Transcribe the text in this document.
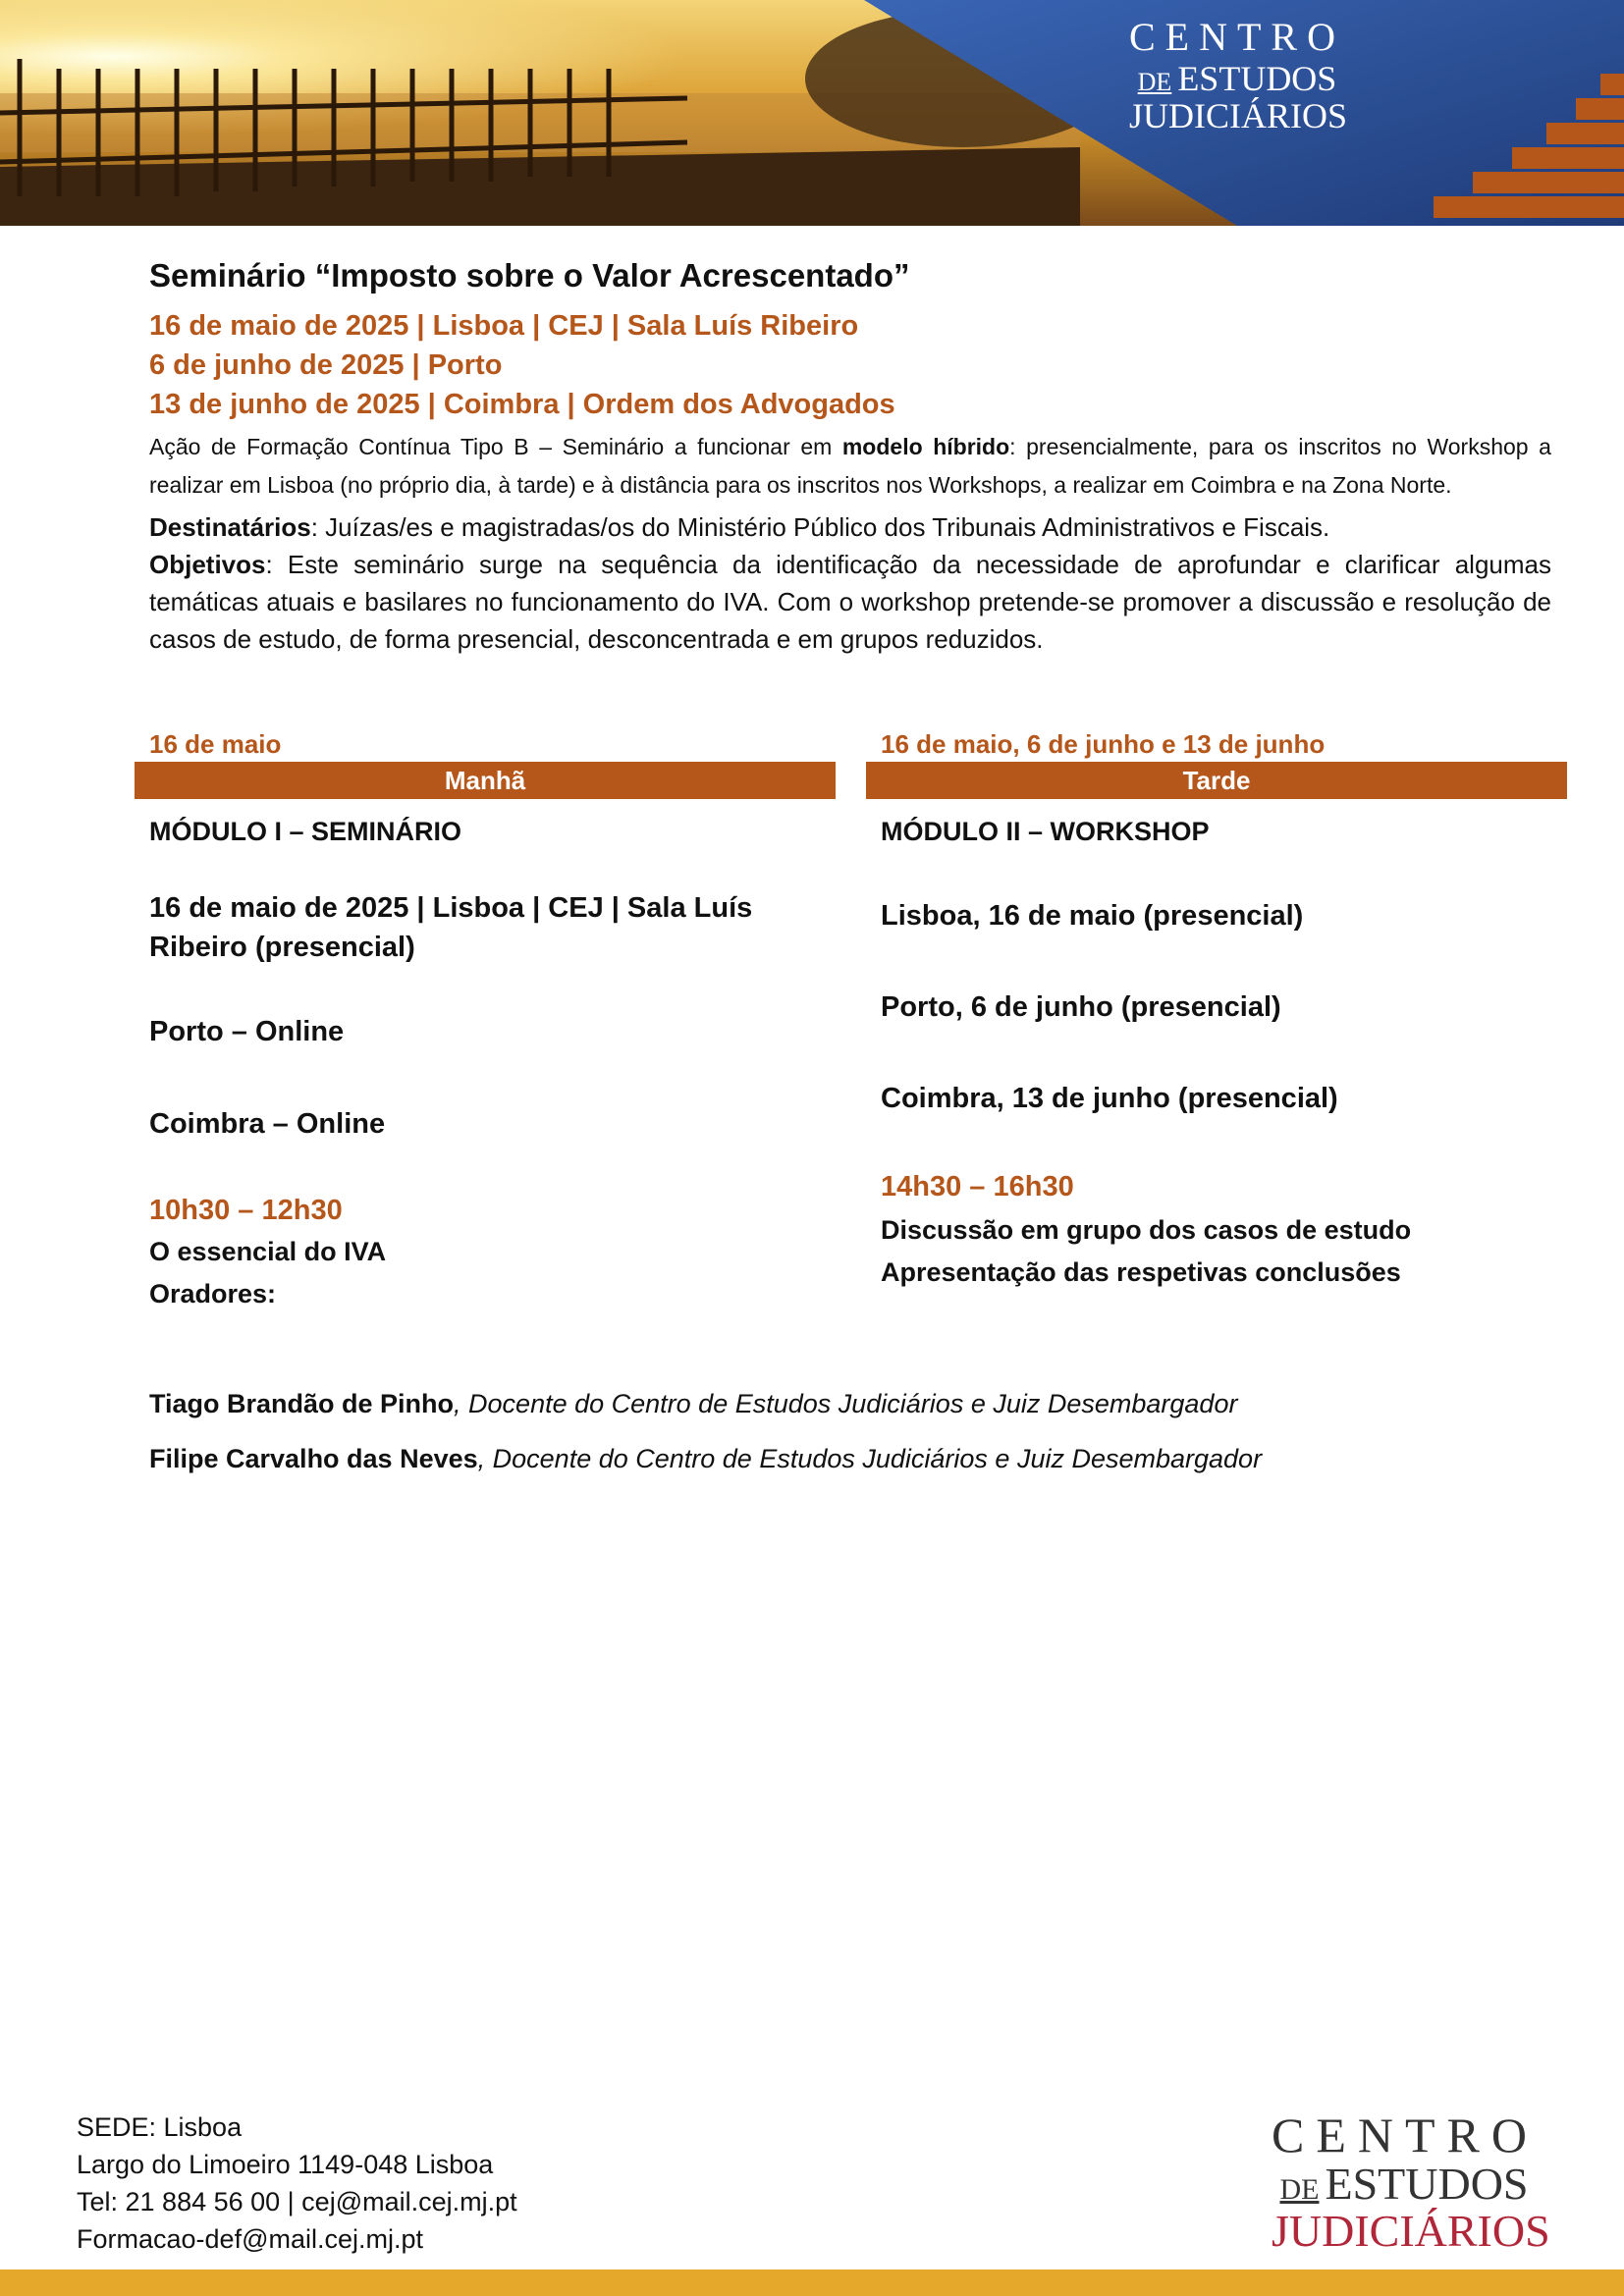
CENTRO
DE ESTUDOS
JUDICIÁRIOS
Seminário “Imposto sobre o Valor Acrescentado”

16 de maio de 2025 | Lisboa | CEJ | Sala Luís Ribeiro

6 de junho de 2025 | Porto

13 de junho de 2025 | Coimbra | Ordem dos Advogados

Ação de Formação Contínua Tipo B – Seminário a funcionar em modelo híbrido: presencialmente, para os inscritos no Workshop a realizar em Lisboa (no próprio dia, à tarde) e à distância para os inscritos nos Workshops, a realizar em Coimbra e na Zona Norte.

Destinatários: Juízas/es e magistradas/os do Ministério Público dos Tribunais Administrativos e Fiscais.

Objetivos: Este seminário surge na sequência da identificação da necessidade de aprofundar e clarificar algumas temáticas atuais e basilares no funcionamento do IVA. Com o workshop pretende-se promover a discussão e resolução de casos de estudo, de forma presencial, desconcentrada e em grupos reduzidos.

16 de maio
Manhã
MÓDULO I – SEMINÁRIO
16 de maio de 2025 | Lisboa | CEJ | Sala Luís Ribeiro (presencial)
Porto – Online
Coimbra – Online
10h30 – 12h30
O essencial do IVA
Oradores:
16 de maio, 6 de junho e 13 de junho
Tarde
MÓDULO II – WORKSHOP
Lisboa, 16 de maio (presencial)
Porto, 6 de junho (presencial)
Coimbra, 13 de junho (presencial)
14h30 – 16h30
Discussão em grupo dos casos de estudo
Apresentação das respetivas conclusões

Tiago Brandão de Pinho, Docente do Centro de Estudos Judiciários e Juiz Desembargador

Filipe Carvalho das Neves, Docente do Centro de Estudos Judiciários e Juiz Desembargador

SEDE: Lisboa
Largo do Limoeiro 1149-048 Lisboa
Tel: 21 884 56 00 | cej@mail.cej.mj.pt
Formacao-def@mail.cej.mj.pt
CENTRO
DE ESTUDOS
JUDICIÁRIOS
